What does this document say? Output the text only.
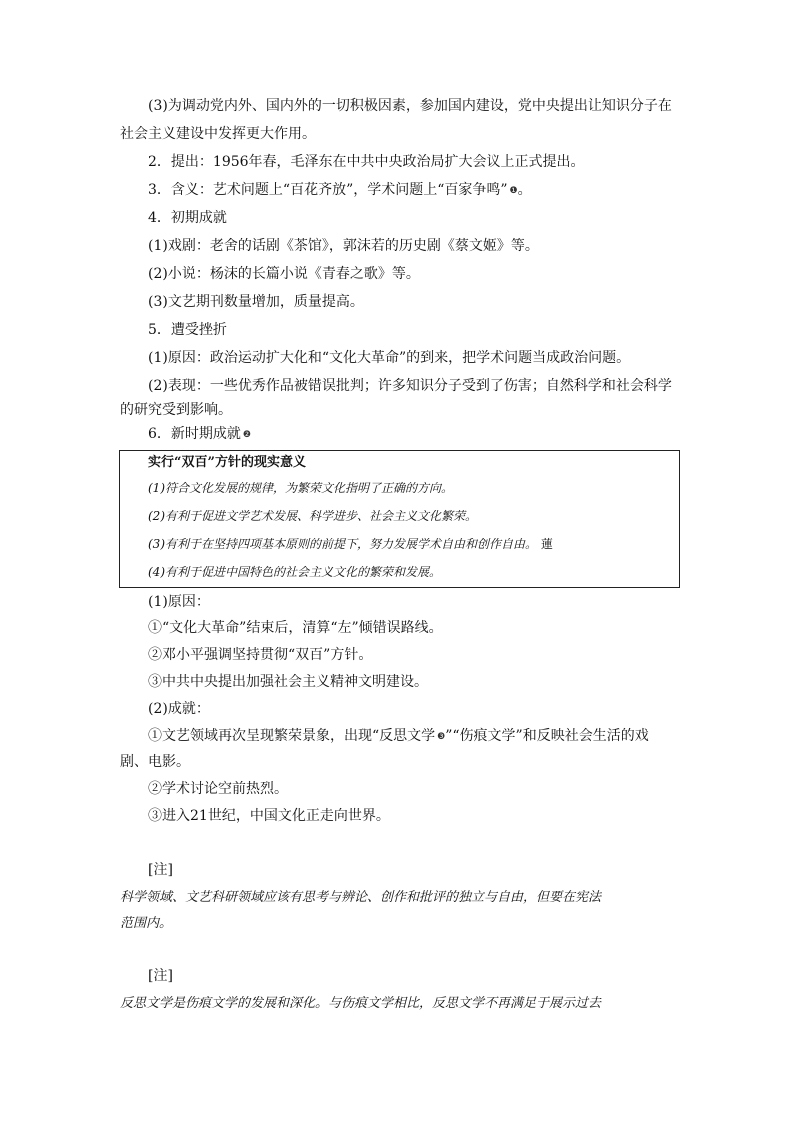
(3)为调动党内外、国内外的一切积极因素，参加国内建设，党中央提出让知识分子在
社会主义建设中发挥更大作用。
2．提出：1956年春，毛泽东在中共中央政治局扩大会议上正式提出。
3．含义：艺术问题上“百花齐放”，学术问题上“百家争鸣” ❶。
4．初期成就
(1)戏剧：老舍的话剧《茶馆》，郭沫若的历史剧《蔡文姬》等。
(2)小说：杨沫的长篇小说《青春之歌》等。
(3)文艺期刊数量增加，质量提高。
5．遭受挫折
(1)原因：政治运动扩大化和“文化大革命”的到来，把学术问题当成政治问题。
(2)表现：一些优秀作品被错误批判；许多知识分子受到了伤害；自然科学和社会科学
的研究受到影响。
6．新时期成就 ❷
实行“双百”方针的现实意义
(1)符合文化发展的规律，为繁荣文化指明了正确的方向。
(2)有利于促进文学艺术发展、科学进步、社会主义文化繁荣。
(3)有利于在坚持四项基本原则的前提下，努力发展学术自由和创作自由。 蓮
(4)有利于促进中国特色的社会主义文化的繁荣和发展。
(1)原因：
①“文化大革命”结束后，清算“左”倾错误路线。
②邓小平强调坚持贯彻“双百”方针。
③中共中央提出加强社会主义精神文明建设。
(2)成就：
①文艺领域再次呈现繁荣景象，出现“反思文学 ❸”“伤痕文学”和反映社会生活的戏
剧、电影。
②学术讨论空前热烈。
③进入21世纪，中国文化正走向世界。
[注]
科学领域、文艺科研领域应该有思考与辨论、创作和批评的独立与自由，但要在宪法
范围内。
[注]
反思文学是伤痕文学的发展和深化。与伤痕文学相比，反思文学不再满足于展示过去
